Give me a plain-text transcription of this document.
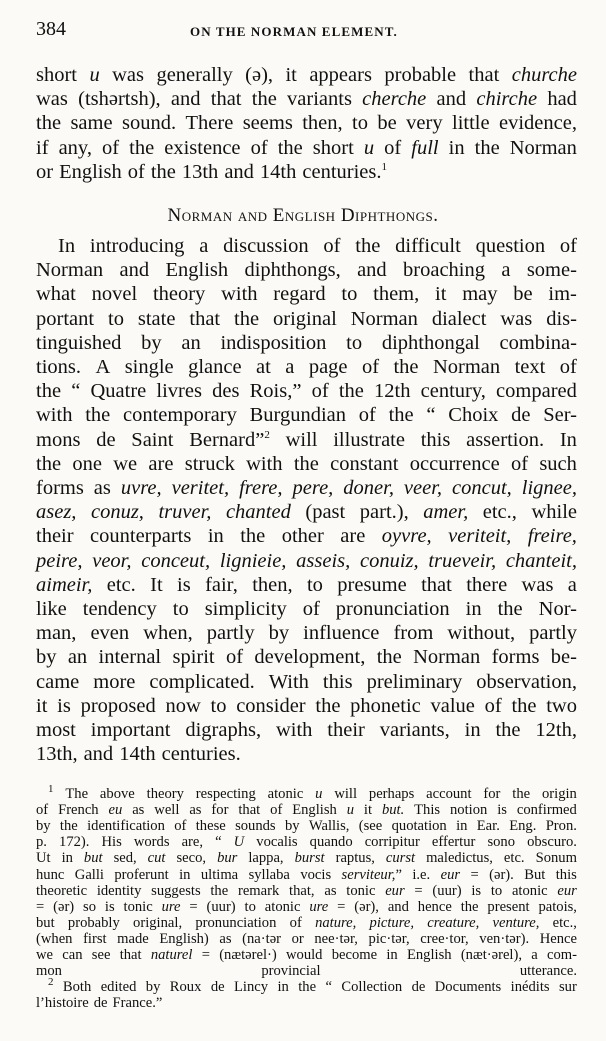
384	ON THE NORMAN ELEMENT.
short u was generally (ə), it appears probable that churche
was (tshərtsh), and that the variants cherche and chirche had
the same sound. There seems then, to be very little evidence,
if any, of the existence of the short u of full in the Norman
or English of the 13th and 14th centuries.$^1$
Norman and English Diphthongs.
In introducing a discussion of the difficult question of
Norman and English diphthongs, and broaching a some-
what novel theory with regard to them, it may be im-
portant to state that the original Norman dialect was dis-
tinguished by an indisposition to diphthongal combina-
tions. A single glance at a page of the Norman text of
the “ Quatre livres des Rois,” of the 12th century, compared
with the contemporary Burgundian of the “ Choix de Ser-
mons de Saint Bernard”$^2$ will illustrate this assertion. In
the one we are struck with the constant occurrence of such
forms as uvre, veritet, frere, pere, doner, veer, concut, lignee,
asez, conuz, truver, chanted (past part.), amer, etc., while
their counterparts in the other are oyvre, veriteit, freire,
peire, veor, conceut, lignieie, asseis, conuiz, trueveir, chanteit,
aimeir, etc. It is fair, then, to presume that there was a
like tendency to simplicity of pronunciation in the Nor-
man, even when, partly by influence from without, partly
by an internal spirit of development, the Norman forms be-
came more complicated. With this preliminary observation,
it is proposed now to consider the phonetic value of the two
most important digraphs, with their variants, in the 12th,
13th, and 14th centuries.
$^1$ The above theory respecting atonic u will perhaps account for the origin
of French eu as well as for that of English u it but. This notion is confirmed
by the identification of these sounds by Wallis, (see quotation in Ear. Eng. Pron.
p. 172). His words are, “ U vocalis quando corripitur effertur sono obscuro.
Ut in but sed, cut seco, bur lappa, burst raptus, curst maledictus, etc. Sonum
hunc Galli proferunt in ultima syllaba vocis serviteur,” i.e. eur = (ər). But this
theoretic identity suggests the remark that, as tonic eur = (uur) is to atonic eur
= (ər) so is tonic ure = (uur) to atonic ure = (ər), and hence the present patois,
but probably original, pronunciation of nature, picture, creature, venture, etc.,
(when first made English) as (na·tər or nee·tər, pic·tər, cree·tor, ven·tər). Hence
we can see that naturel = (nætərel·) would become in English (næt·ərel), a com-
mon	provincial	utterance.
$^2$ Both edited by Roux de Lincy in the “ Collection de Documents inédits sur
l’histoire de France.”
